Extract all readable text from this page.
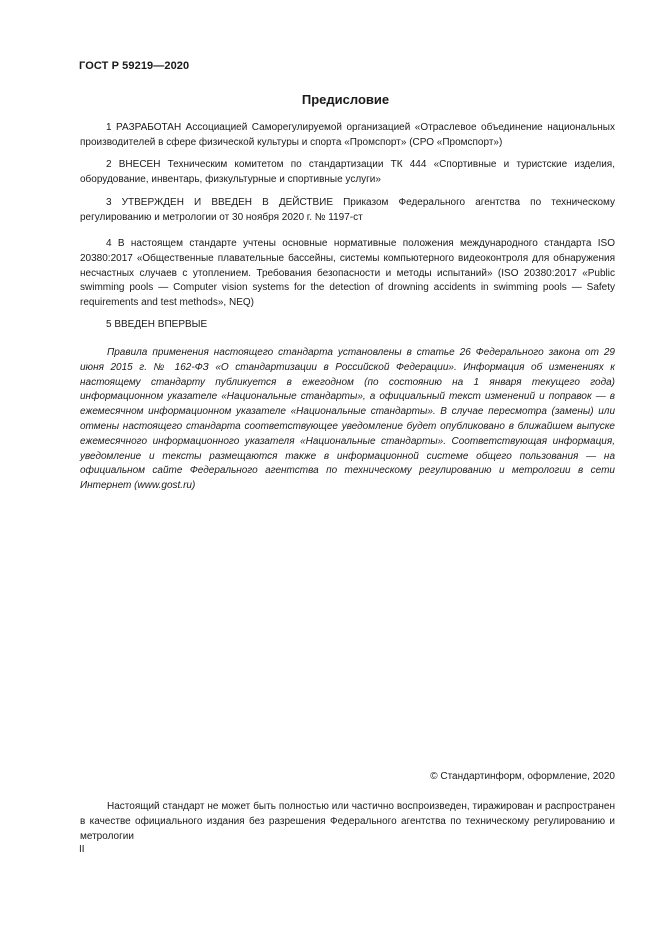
ГОСТ Р 59219—2020
Предисловие

1 РАЗРАБОТАН Ассоциацией Саморегулируемой организацией «Отраслевое объединение национальных производителей в сфере физической культуры и спорта «Промспорт» (СРО «Промспорт»)

2 ВНЕСЕН Техническим комитетом по стандартизации ТК 444 «Спортивные и туристские изделия, оборудование, инвентарь, физкультурные и спортивные услуги»

3 УТВЕРЖДЕН И ВВЕДЕН В ДЕЙСТВИЕ Приказом Федерального агентства по техническому регулированию и метрологии от 30 ноября 2020 г. № 1197-ст

4 В настоящем стандарте учтены основные нормативные положения международного стандарта ISO 20380:2017 «Общественные плавательные бассейны, системы компьютерного видеоконтроля для обнаружения несчастных случаев с утоплением. Требования безопасности и методы испытаний» (ISO 20380:2017 «Public swimming pools — Computer vision systems for the detection of drowning accidents in swimming pools — Safety requirements and test methods», NEQ)

5 ВВЕДЕН ВПЕРВЫЕ

Правила применения настоящего стандарта установлены в статье 26 Федерального закона от 29 июня 2015 г. № 162-ФЗ «О стандартизации в Российской Федерации». Информация об изменениях к настоящему стандарту публикуется в ежегодном (по состоянию на 1 января текущего года) информационном указателе «Национальные стандарты», а официальный текст изменений и поправок — в ежемесячном информационном указателе «Национальные стандарты». В случае пересмотра (замены) или отмены настоящего стандарта соответствующее уведомление будет опубликовано в ближайшем выпуске ежемесячного информационного указателя «Национальные стандарты». Соответствующая информация, уведомление и тексты размещаются также в информационной системе общего пользования — на официальном сайте Федерального агентства по техническому регулированию и метрологии в сети Интернет (www.gost.ru)

© Стандартинформ, оформление, 2020

Настоящий стандарт не может быть полностью или частично воспроизведен, тиражирован и распространен в качестве официального издания без разрешения Федерального агентства по техническому регулированию и метрологии

II
